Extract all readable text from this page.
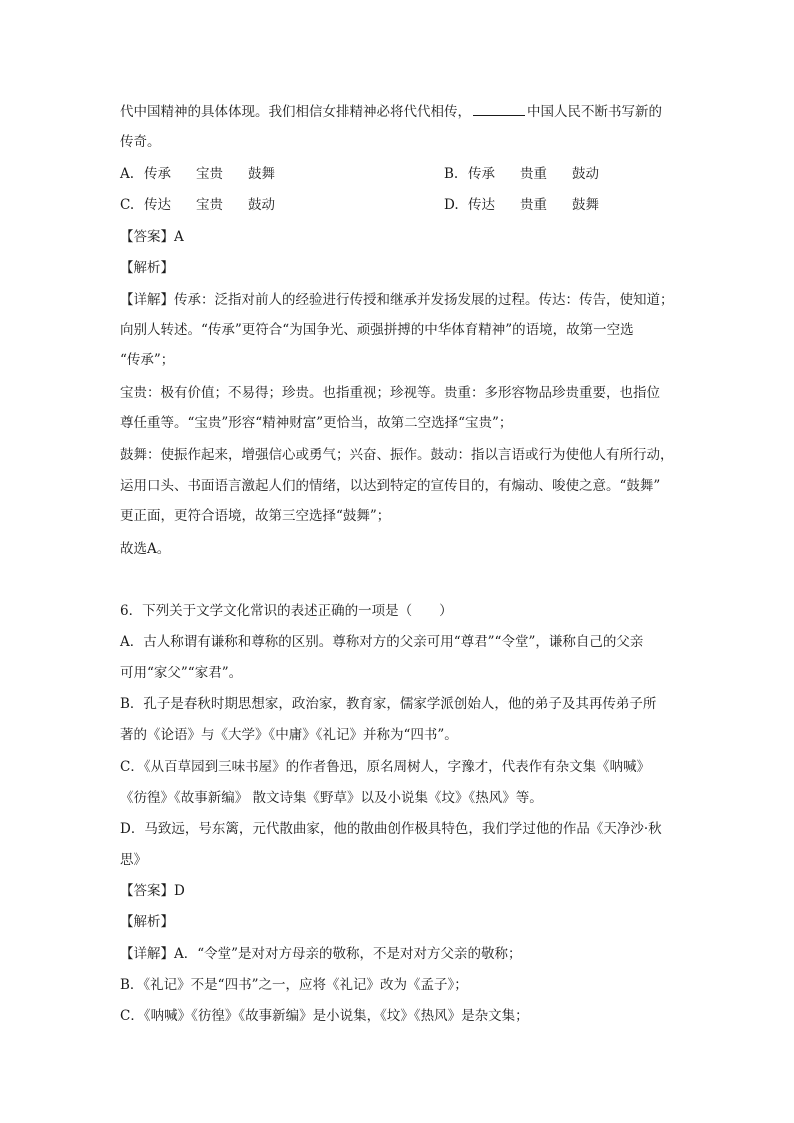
代中国精神的具体体现。我们相信女排精神必将代代相传，	中国人民不断书写新的
传奇。
A. 传承 宝贵 鼓舞	B. 传承 贵重 鼓动
C. 传达 宝贵 鼓动	D. 传达 贵重 鼓舞
【答案】A
【解析】
【详解】传承：泛指对前人的经验进行传授和继承并发扬发展的过程。传达：传告，使知道；
向别人转述。“传承”更符合“为国争光、顽强拼搏的中华体育精神”的语境，故第一空选
“传承”；
宝贵：极有价值；不易得；珍贵。也指重视；珍视等。贵重：多形容物品珍贵重要，也指位
尊任重等。“宝贵”形容“精神财富”更恰当，故第二空选择“宝贵”；
鼓舞：使振作起来，增强信心或勇气；兴奋、振作。鼓动：指以言语或行为使他人有所行动，
运用口头、书面语言激起人们的情绪，以达到特定的宣传目的，有煽动、唆使之意。“鼓舞”
更正面，更符合语境，故第三空选择“鼓舞”；
故选A。
6．下列关于文学文化常识的表述正确的一项是（　　）
A．古人称谓有谦称和尊称的区别。尊称对方的父亲可用“尊君”“令堂”，谦称自己的父亲
可用“家父”“家君”。
B．孔子是春秋时期思想家，政治家，教育家，儒家学派创始人，他的弟子及其再传弟子所
著的《论语》与《大学》《中庸》《礼记》并称为“四书”。
C．《从百草园到三味书屋》的作者鲁迅，原名周树人，字豫才，代表作有杂文集《呐喊》
《彷徨》《故事新编》 散文诗集《野草》以及小说集《坟》《热风》等。
D．马致远，号东篱，元代散曲家，他的散曲创作极具特色，我们学过他的作品《天净沙·秋
思》
【答案】D
【解析】
【详解】A．“令堂”是对对方母亲的敬称，不是对对方父亲的敬称；
B．《礼记》不是“四书”之一，应将《礼记》改为《孟子》；
C．《呐喊》《彷徨》《故事新编》是小说集，《坟》《热风》是杂文集；
